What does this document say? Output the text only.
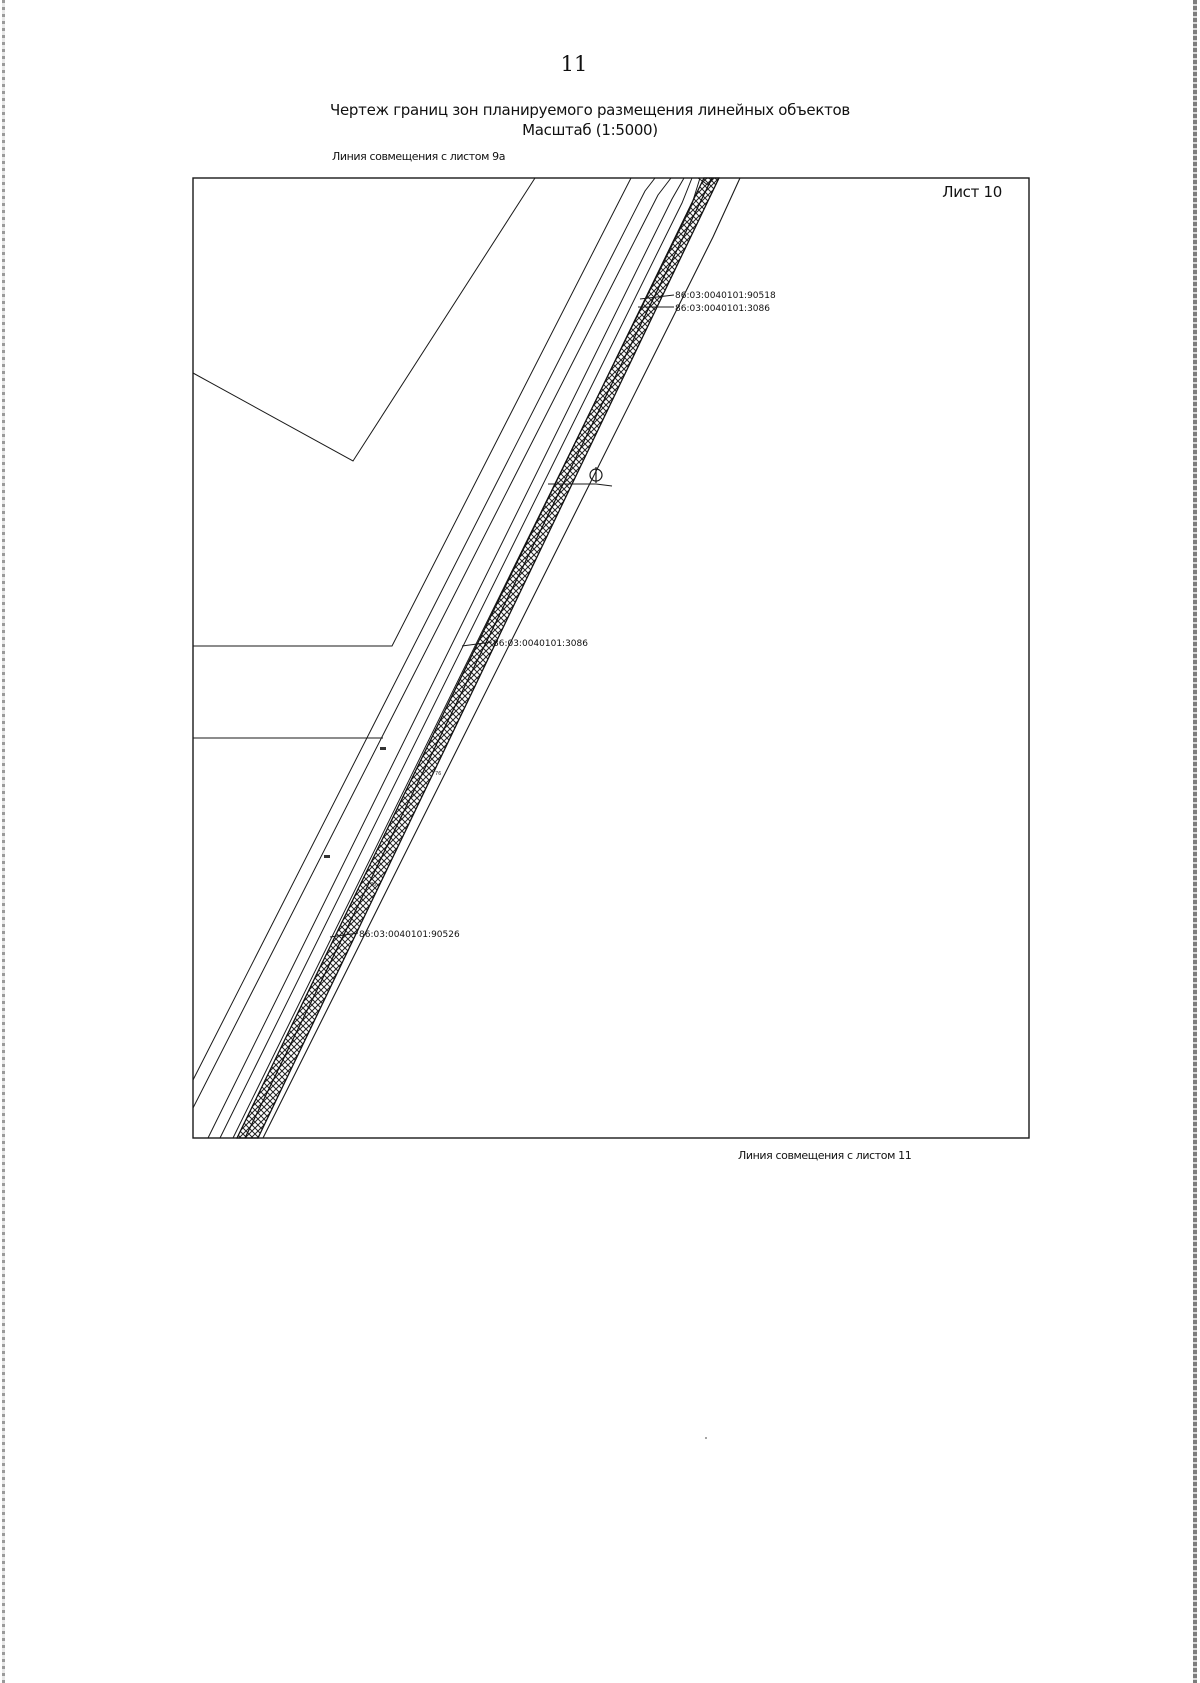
11
Чертеж границ зон планируемого размещения линейных объектов
Масштаб (1:5000)
Линия совмещения с листом 9а
86:03:0040101:90518
86:03:0040101:3086
86:03:0040101:3086
86:03:0040101:90526
76
76
Лист 10
Линия совмещения с листом 11
